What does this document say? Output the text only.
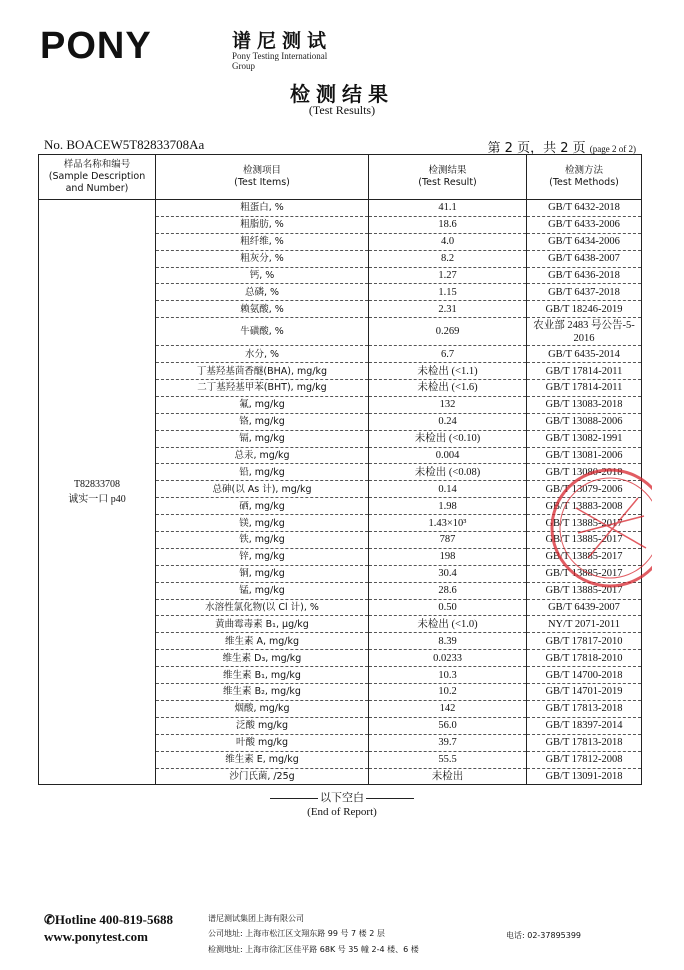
PONY	谱尼测试
Pony Testing International Group
检测结果
(Test Results)
No. BOACEW5T82833708Aa	第 2 页，共 2 页 (page 2 of 2)
样品名称和编号
(Sample Description
and Number)	检测项目
(Test Items)	检测结果
(Test Result)	检测方法
(Test Methods)
T82833708
诚实一口 p40	粗蛋白, %	41.1	GB/T 6432-2018
	粗脂肪, %	18.6	GB/T 6433-2006
	粗纤维, %	4.0	GB/T 6434-2006
	粗灰分, %	8.2	GB/T 6438-2007
	钙, %	1.27	GB/T 6436-2018
	总磷, %	1.15	GB/T 6437-2018
	赖氨酸, %	2.31	GB/T 18246-2019
	牛磺酸, %	0.269	农业部 2483 号公告-5-2016
	水分, %	6.7	GB/T 6435-2014
	丁基羟基茴香醚(BHA), mg/kg	未检出 (<1.1)	GB/T 17814-2011
	二丁基羟基甲苯(BHT), mg/kg	未检出 (<1.6)	GB/T 17814-2011
	氟, mg/kg	132	GB/T 13083-2018
	铬, mg/kg	0.24	GB/T 13088-2006
	镉, mg/kg	未检出 (<0.10)	GB/T 13082-1991
	总汞, mg/kg	0.004	GB/T 13081-2006
	铅, mg/kg	未检出 (<0.08)	GB/T 13080-2018
	总砷(以 As 计), mg/kg	0.14	GB/T 13079-2006
	硒, mg/kg	1.98	GB/T 13883-2008
	镁, mg/kg	1.43×10³	GB/T 13885-2017
	铁, mg/kg	787	GB/T 13885-2017
	锌, mg/kg	198	GB/T 13885-2017
	铜, mg/kg	30.4	GB/T 13885-2017
	锰, mg/kg	28.6	GB/T 13885-2017
	水溶性氯化物(以 Cl 计), %	0.50	GB/T 6439-2007
	黄曲霉毒素 B₁, μg/kg	未检出 (<1.0)	NY/T 2071-2011
	维生素 A, mg/kg	8.39	GB/T 17817-2010
	维生素 D₃, mg/kg	0.0233	GB/T 17818-2010
	维生素 B₁, mg/kg	10.3	GB/T 14700-2018
	维生素 B₂, mg/kg	10.2	GB/T 14701-2019
	烟酸, mg/kg	142	GB/T 17813-2018
	泛酸 mg/kg	56.0	GB/T 18397-2014
	叶酸 mg/kg	39.7	GB/T 17813-2018
	维生素 E, mg/kg	55.5	GB/T 17812-2008
	沙门氏菌, /25g	未检出	GB/T 13091-2018
以下空白
(End of Report)
✆Hotline 400-819-5688
www.ponytest.com
谱尼测试集团上海有限公司
公司地址: 上海市松江区文翔东路 99 号 7 楼 2 层
检测地址: 上海市徐汇区佳平路 68K 号 35 幢 2-4 楼、6 楼
电话: 02-37895399
